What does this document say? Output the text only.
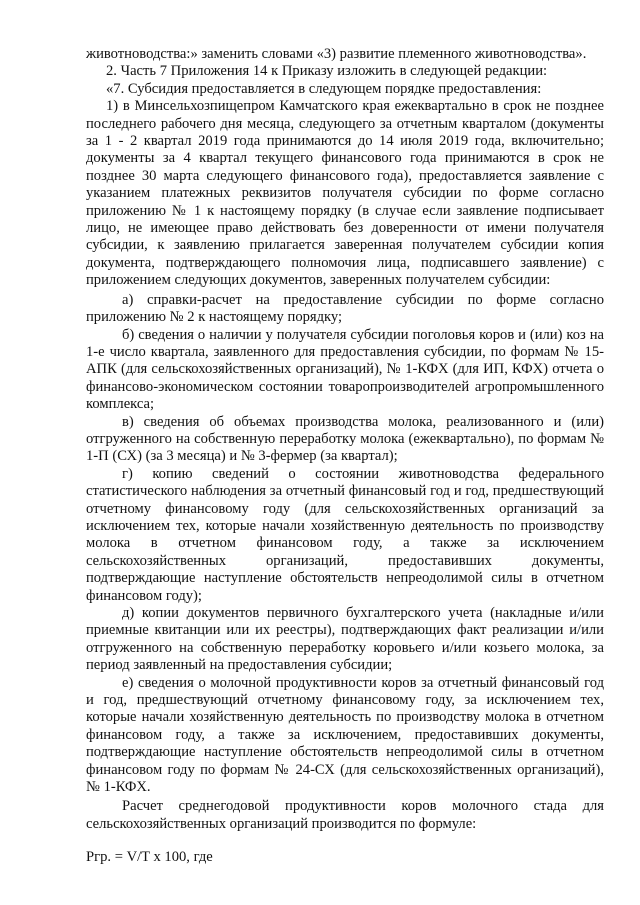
животноводства:» заменить словами «3) развитие племенного животноводства».

2. Часть 7 Приложения 14 к Приказу изложить в следующей редакции:

«7. Субсидия предоставляется в следующем порядке предоставления:

1) в Минсельхозпищепром Камчатского края ежеквартально в срок не позднее последнего рабочего дня месяца, следующего за отчетным кварталом (документы за 1 - 2 квартал 2019 года принимаются до 14 июля 2019 года, включительно; документы за 4 квартал текущего финансового года принимаются в срок не позднее 30 марта следующего финансового года), предоставляется заявление с указанием платежных реквизитов получателя субсидии по форме согласно приложению № 1 к настоящему порядку (в случае если заявление подписывает лицо, не имеющее право действовать без доверенности от имени получателя субсидии, к заявлению прилагается заверенная получателем субсидии копия документа, подтверждающего полномочия лица, подписавшего заявление) с приложением следующих документов, заверенных получателем субсидии:

а) справки-расчет на предоставление субсидии по форме согласно приложению № 2 к настоящему порядку;

б) сведения о наличии у получателя субсидии поголовья коров и (или) коз на 1-е число квартала, заявленного для предоставления субсидии, по формам № 15-АПК (для сельскохозяйственных организаций), № 1-КФХ (для ИП, КФХ) отчета о финансово-экономическом состоянии товаропроизводителей агропромышленного комплекса;

в) сведения об объемах производства молока, реализованного и (или) отгруженного на собственную переработку молока (ежеквартально), по формам № 1-П (СХ) (за 3 месяца) и № 3-фермер (за квартал);

г) копию сведений о состоянии животноводства федерального статистического наблюдения за отчетный финансовый год и год, предшествующий отчетному финансовому году (для сельскохозяйственных организаций за исключением тех, которые начали хозяйственную деятельность по производству молока в отчетном финансовом году, а также за исключением сельскохозяйственных организаций, предоставивших документы, подтверждающие наступление обстоятельств непреодолимой силы в отчетном финансовом году);

д) копии документов первичного бухгалтерского учета (накладные и/или приемные квитанции или их реестры), подтверждающих факт реализации и/или отгруженного на собственную переработку коровьего и/или козьего молока, за период заявленный на предоставления субсидии;

е) сведения о молочной продуктивности коров за отчетный финансовый год и год, предшествующий отчетному финансовому году, за исключением тех, которые начали хозяйственную деятельность по производству молока в отчетном финансовом году, а также за исключением, предоставивших документы, подтверждающие наступление обстоятельств непреодолимой силы в отчетном финансовом году по формам № 24-СХ (для сельскохозяйственных организаций), № 1-КФХ.

Расчет среднегодовой продуктивности коров молочного стада для сельскохозяйственных организаций производится по формуле:

Ргр. = V/T х 100, где
